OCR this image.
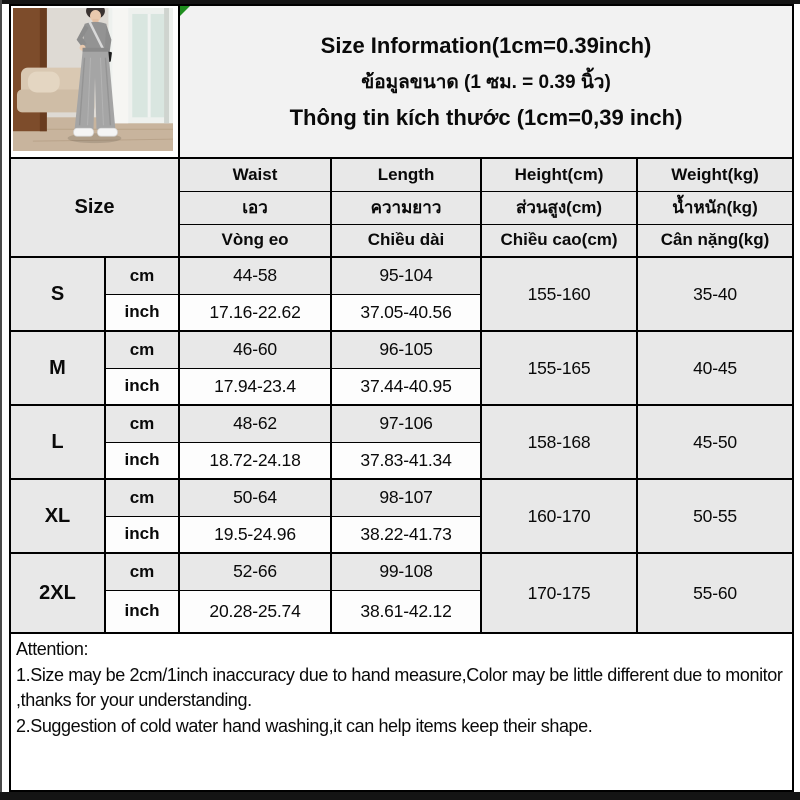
Size Information(1cm=0.39inch)
ข้อมูลขนาด (1 ซม. = 0.39 นิ้ว)
Thông tin kích thước (1cm=0,39 inch)			

Size		Waist	Length	Height(cm)	Weight(kg)
		เอว	ความยาว	ส่วนสูง(cm)	น้ำหนัก(kg)
		Vòng eo	Chiều dài	Chiều cao(cm)	Cân nặng(kg)
S	cm	44-58	95-104	155-160	35-40
	inch	17.16-22.62	37.05-40.56		
M	cm	46-60	96-105	155-165	40-45
	inch	17.94-23.4	37.44-40.95		
L	cm	48-62	97-106	158-168	45-50
	inch	18.72-24.18	37.83-41.34		
XL	cm	50-64	98-107	160-170	50-55
	inch	19.5-24.96	38.22-41.73		
2XL	cm	52-66	99-108	170-175	55-60
	inch	20.28-25.74	38.61-42.12		

Attention:
1.Size may be 2cm/1inch inaccuracy due to hand measure,Color may be little different due to monitor ,thanks for your understanding.
2.Suggestion of cold water hand washing,it can help items keep their shape.					
